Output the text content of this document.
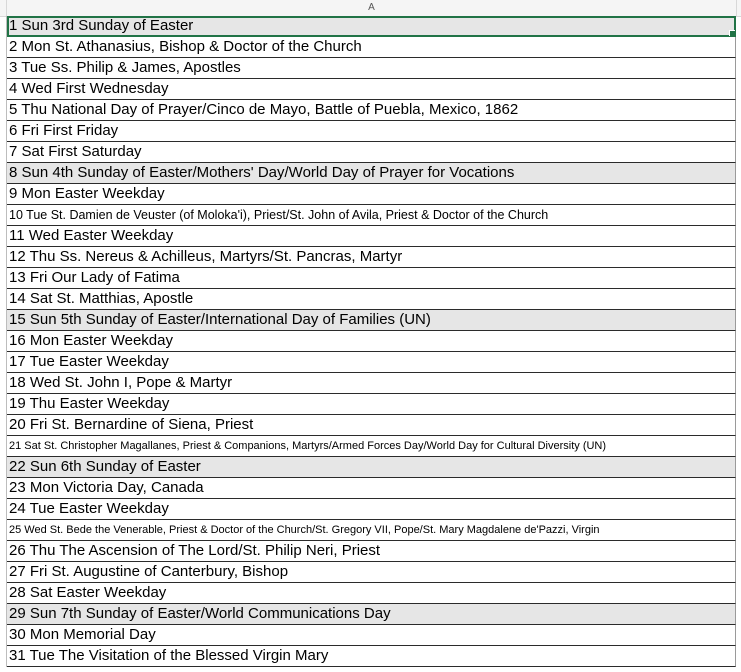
A
1 Sun 3rd Sunday of Easter
2 Mon St. Athanasius, Bishop & Doctor of the Church
3 Tue Ss. Philip & James, Apostles
4 Wed First Wednesday
5 Thu National Day of Prayer/Cinco de Mayo, Battle of Puebla, Mexico, 1862
6 Fri First Friday
7 Sat First Saturday
8 Sun 4th Sunday of Easter/Mothers' Day/World Day of Prayer for Vocations
9 Mon Easter Weekday
10 Tue St. Damien de Veuster (of Moloka'i), Priest/St. John of Avila, Priest & Doctor of the Church
11 Wed Easter Weekday
12 Thu Ss. Nereus & Achilleus, Martyrs/St. Pancras, Martyr
13 Fri Our Lady of Fatima
14 Sat St. Matthias, Apostle
15 Sun 5th Sunday of Easter/International Day of Families (UN)
16 Mon Easter Weekday
17 Tue Easter Weekday
18 Wed St. John I, Pope & Martyr
19 Thu Easter Weekday
20 Fri St. Bernardine of Siena, Priest
21 Sat St. Christopher Magallanes, Priest & Companions, Martyrs/Armed Forces Day/World Day for Cultural Diversity (UN)
22 Sun 6th Sunday of Easter
23 Mon Victoria Day, Canada
24 Tue Easter Weekday
25 Wed St. Bede the Venerable, Priest & Doctor of the Church/St. Gregory VII, Pope/St. Mary Magdalene de'Pazzi, Virgin
26 Thu The Ascension of The Lord/St. Philip Neri, Priest
27 Fri St. Augustine of Canterbury, Bishop
28 Sat Easter Weekday
29 Sun 7th Sunday of Easter/World Communications Day
30 Mon Memorial Day
31 Tue The Visitation of the Blessed Virgin Mary
